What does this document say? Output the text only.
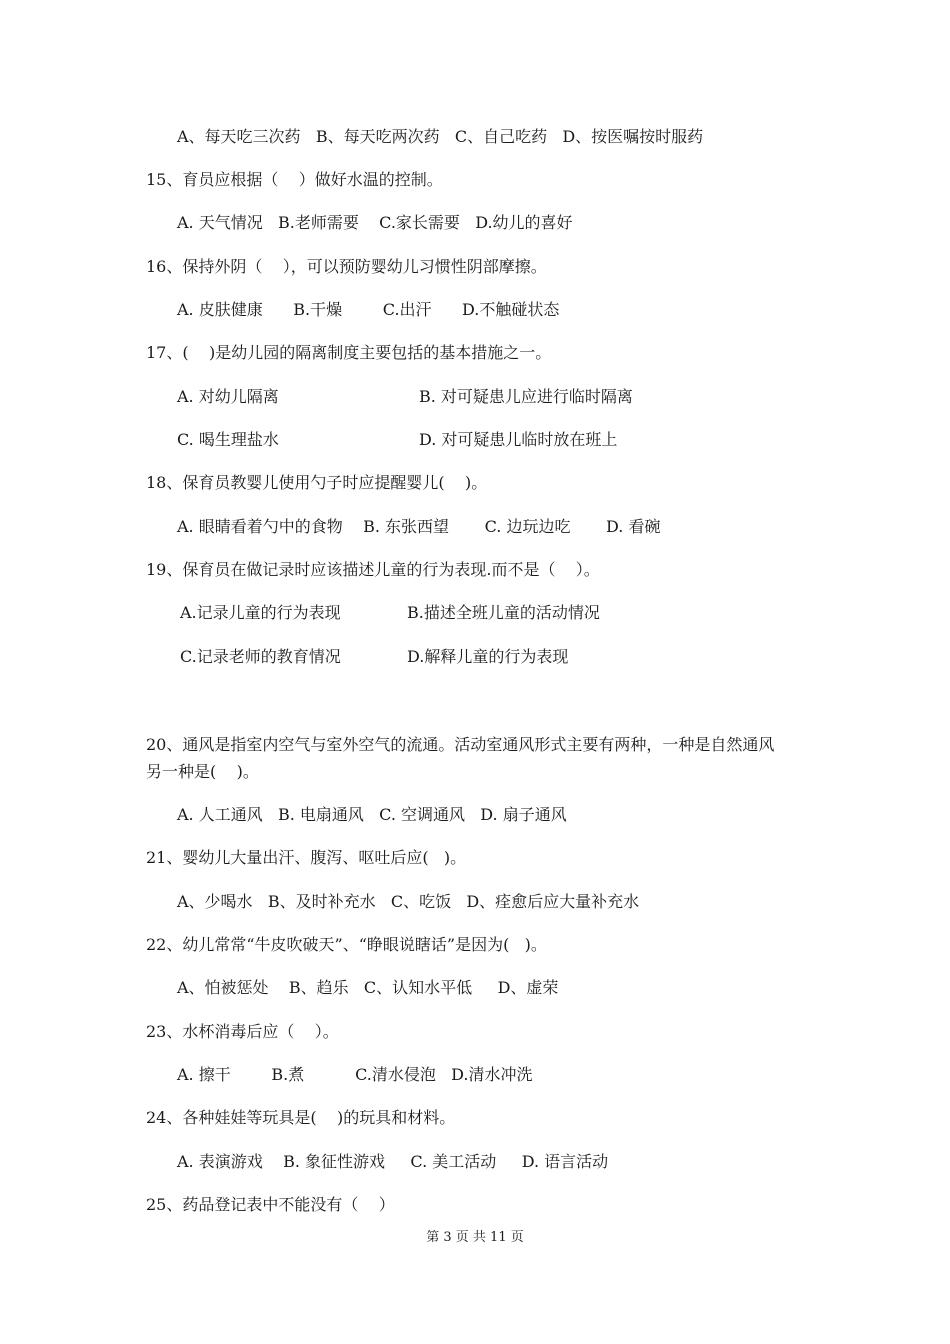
A、每天吃三次药   B、每天吃两次药   C、自己吃药   D、按医嘱按时服药
15、育员应根据（    ）做好水温的控制。
A. 天气情况   B.老师需要    C.家长需要   D.幼儿的喜好
16、保持外阴（    ），可以预防婴幼儿习惯性阴部摩擦。
A. 皮肤健康      B.干燥        C.出汗      D.不触碰状态
17、(    )是幼儿园的隔离制度主要包括的基本措施之一。
A. 对幼儿隔离	B. 对可疑患儿应进行临时隔离
C. 喝生理盐水	D. 对可疑患儿临时放在班上
18、保育员教婴儿使用勺子时应提醒婴儿(    )。
A. 眼睛看着勺中的食物    B. 东张西望       C. 边玩边吃       D. 看碗
19、保育员在做记录时应该描述儿童的行为表现.而不是（    ）。
A.记录儿童的行为表现	B.描述全班儿童的活动情况
C.记录老师的教育情况	D.解释儿童的行为表现
20、通风是指室内空气与室外空气的流通。活动室通风形式主要有两种，一种是自然通风
另一种是(    )。
A. 人工通风   B. 电扇通风   C. 空调通风   D. 扇子通风
21、婴幼儿大量出汗、腹泻、呕吐后应(   )。
A、少喝水   B、及时补充水   C、吃饭   D、痊愈后应大量补充水
22、幼儿常常“牛皮吹破天”、“睁眼说瞎话”是因为(   )。
A、怕被惩处    B、趋乐   C、认知水平低     D、虚荣
23、水杯消毒后应（    ）。
A. 擦干        B.煮          C.清水侵泡   D.清水冲洗
24、各种娃娃等玩具是(    )的玩具和材料。
A. 表演游戏    B. 象征性游戏     C. 美工活动     D. 语言活动
25、药品登记表中不能没有（    ）
第 3 页 共 11 页
